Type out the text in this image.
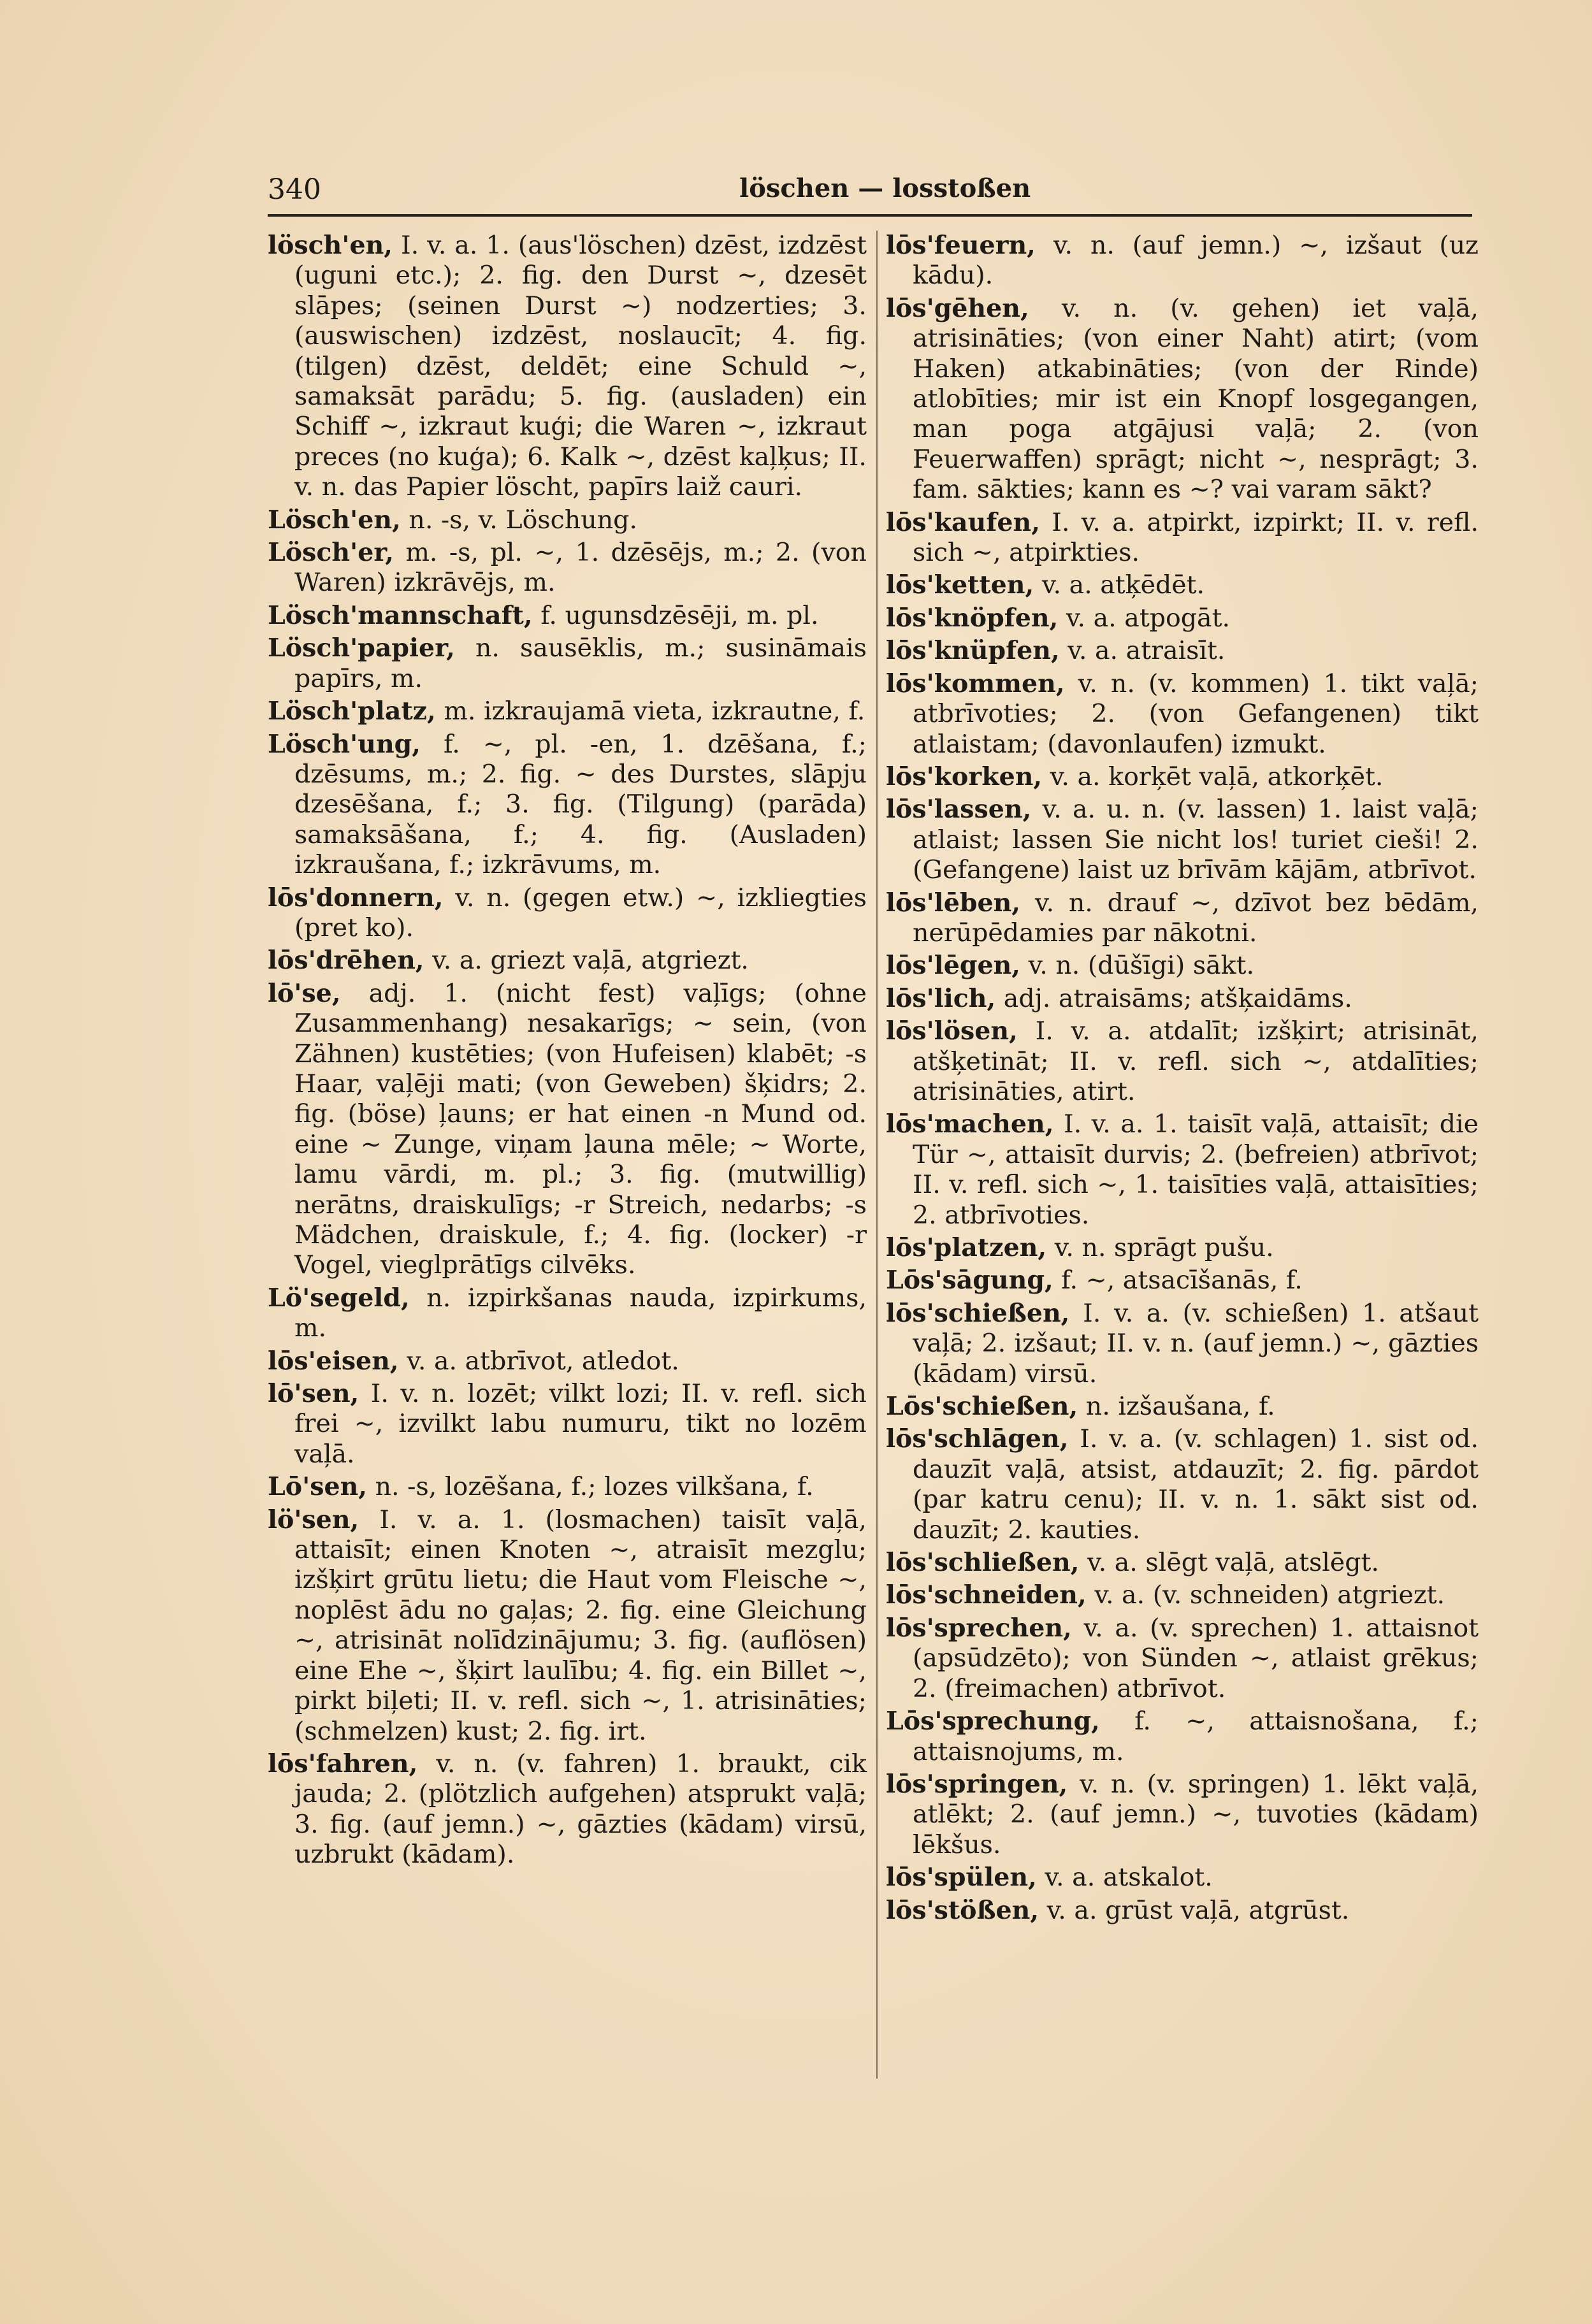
340	löschen — losstoßen

lösch'en, I. v. a. 1. (aus'löschen) dzēst, izdzēst (uguni etc.); 2. fig. den Durst ~, dzesēt slāpes; (seinen Durst ~) nodzerties; 3. (auswischen) izdzēst, noslaucīt; 4. fig. (tilgen) dzēst, deldēt; eine Schuld ~, samaksāt parādu; 5. fig. (ausladen) ein Schiff ~, izkraut kuģi; die Waren ~, izkraut preces (no kuģa); 6. Kalk ~, dzēst kaļķus; II. v. n. das Papier löscht, papīrs laiž cauri.

Lösch'en, n. -s, v. Löschung.

Lösch'er, m. -s, pl. ~, 1. dzēsējs, m.; 2. (von Waren) izkrāvējs, m.

Lösch'mannschaft, f. ugunsdzēsēji, m. pl.

Lösch'papier, n. sausēklis, m.; susināmais papīrs, m.

Lösch'platz, m. izkraujamā vieta, izkrautne, f.

Lösch'ung, f. ~, pl. -en, 1. dzēšana, f.; dzēsums, m.; 2. fig. ~ des Durstes, slāpju dzesēšana, f.; 3. fig. (Tilgung) (parāda) samaksāšana, f.; 4. fig. (Ausladen) izkraušana, f.; izkrāvums, m.

lōs'donnern, v. n. (gegen etw.) ~, izkliegties (pret ko).

lōs'drēhen, v. a. griezt vaļā, atgriezt.

lō'se, adj. 1. (nicht fest) vaļīgs; (ohne Zusammenhang) nesakarīgs; ~ sein, (von Zähnen) kustēties; (von Hufeisen) klabēt; -s Haar, vaļēji mati; (von Geweben) šķidrs; 2. fig. (böse) ļauns; er hat einen -n Mund od. eine ~ Zunge, viņam ļauna mēle; ~ Worte, lamu vārdi, m. pl.; 3. fig. (mutwillig) nerātns, draiskulīgs; -r Streich, nedarbs; -s Mädchen, draiskule, f.; 4. fig. (locker) -r Vogel, vieglprātīgs cilvēks.

Lö'segeld, n. izpirkšanas nauda, izpirkums, m.

lōs'eisen, v. a. atbrīvot, atledot.

lō'sen, I. v. n. lozēt; vilkt lozi; II. v. refl. sich frei ~, izvilkt labu numuru, tikt no lozēm vaļā.

Lō'sen, n. -s, lozēšana, f.; lozes vilkšana, f.

lö'sen, I. v. a. 1. (losmachen) taisīt vaļā, attaisīt; einen Knoten ~, atraisīt mezglu; izšķirt grūtu lietu; die Haut vom Fleische ~, noplēst ādu no gaļas; 2. fig. eine Gleichung ~, atrisināt nolīdzinājumu; 3. fig. (auflösen) eine Ehe ~, šķirt laulību; 4. fig. ein Billet ~, pirkt biļeti; II. v. refl. sich ~, 1. atrisināties; (schmelzen) kust; 2. fig. irt.

lōs'fahren, v. n. (v. fahren) 1. braukt, cik jauda; 2. (plötzlich aufgehen) atsprukt vaļā; 3. fig. (auf jemn.) ~, gāzties (kādam) virsū, uzbrukt (kādam).

lōs'feuern, v. n. (auf jemn.) ~, izšaut (uz kādu).

lōs'gēhen, v. n. (v. gehen) iet vaļā, atrisināties; (von einer Naht) atirt; (vom Haken) atkabināties; (von der Rinde) atlobīties; mir ist ein Knopf losgegangen, man poga atgājusi vaļā; 2. (von Feuerwaffen) sprāgt; nicht ~, nesprāgt; 3. fam. sākties; kann es ~? vai varam sākt?

lōs'kaufen, I. v. a. atpirkt, izpirkt; II. v. refl. sich ~, atpirkties.

lōs'ketten, v. a. atķēdēt.

lōs'knöpfen, v. a. atpogāt.

lōs'knüpfen, v. a. atraisīt.

lōs'kommen, v. n. (v. kommen) 1. tikt vaļā; atbrīvoties; 2. (von Gefangenen) tikt atlaistam; (davonlaufen) izmukt.

lōs'korken, v. a. korķēt vaļā, atkorķēt.

lōs'lassen, v. a. u. n. (v. lassen) 1. laist vaļā; atlaist; lassen Sie nicht los! turiet cieši! 2. (Gefangene) laist uz brīvām kājām, atbrīvot.

lōs'lēben, v. n. drauf ~, dzīvot bez bēdām, nerūpēdamies par nākotni.

lōs'lēgen, v. n. (dūšīgi) sākt.

lōs'lich, adj. atraisāms; atšķaidāms.

lōs'lösen, I. v. a. atdalīt; izšķirt; atrisināt, atšķetināt; II. v. refl. sich ~, atdalīties; atrisināties, atirt.

lōs'machen, I. v. a. 1. taisīt vaļā, attaisīt; die Tür ~, attaisīt durvis; 2. (befreien) atbrīvot; II. v. refl. sich ~, 1. taisīties vaļā, attaisīties; 2. atbrīvoties.

lōs'platzen, v. n. sprāgt pušu.

Lōs'sāgung, f. ~, atsacīšanās, f.

lōs'schießen, I. v. a. (v. schießen) 1. atšaut vaļā; 2. izšaut; II. v. n. (auf jemn.) ~, gāzties (kādam) virsū.

Lōs'schießen, n. izšaušana, f.

lōs'schlāgen, I. v. a. (v. schlagen) 1. sist od. dauzīt vaļā, atsist, atdauzīt; 2. fig. pārdot (par katru cenu); II. v. n. 1. sākt sist od. dauzīt; 2. kauties.

lōs'schließen, v. a. slēgt vaļā, atslēgt.

lōs'schneiden, v. a. (v. schneiden) atgriezt.

lōs'sprechen, v. a. (v. sprechen) 1. attaisnot (apsūdzēto); von Sünden ~, atlaist grēkus; 2. (freimachen) atbrīvot.

Lōs'sprechung, f. ~, attaisnošana, f.; attaisnojums, m.

lōs'springen, v. n. (v. springen) 1. lēkt vaļā, atlēkt; 2. (auf jemn.) ~, tuvoties (kādam) lēkšus.

lōs'spülen, v. a. atskalot.

lōs'stößen, v. a. grūst vaļā, atgrūst.
